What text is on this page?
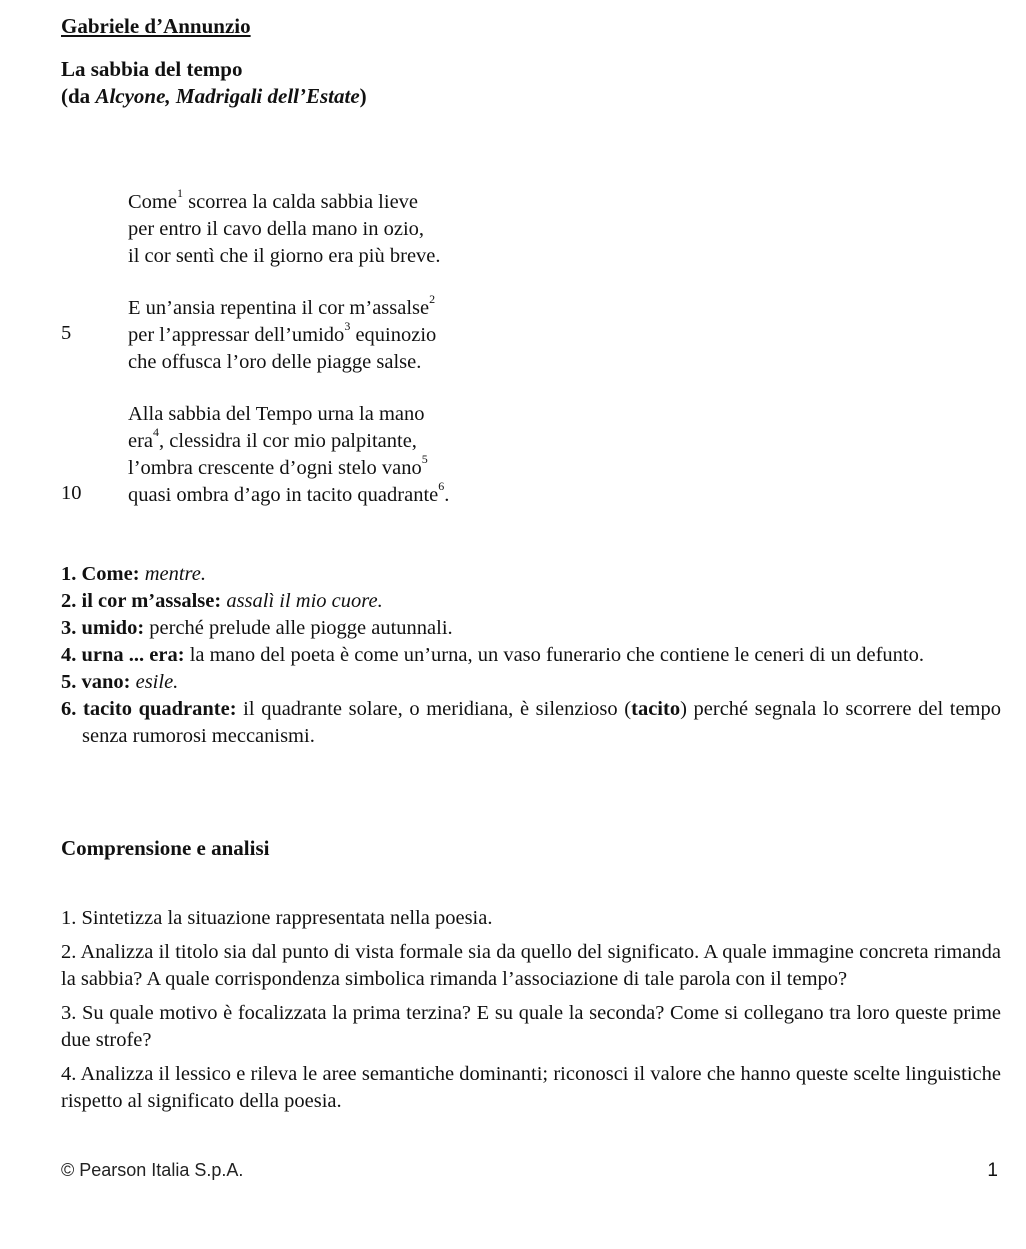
Gabriele d’Annunzio
La sabbia del tempo
(da Alcyone, Madrigali dell’Estate)
Come$^1$ scorrea la calda sabbia lieve
per entro il cavo della mano in ozio,
il cor sentì che il giorno era più breve.
E un’ansia repentina il cor m’assalse$^2$
5	per l’appressar dell’umido$^3$ equinozio
che offusca l’oro delle piagge salse.
Alla sabbia del Tempo urna la mano
era$^4$, clessidra il cor mio palpitante,
l’ombra crescente d’ogni stelo vano$^5$
10 quasi ombra d’ago in tacito quadrante$^6$.

1. Come: mentre.

2. il cor m’assalse: assalì il mio cuore.

3. umido: perché prelude alle piogge autunnali.

4. urna ... era: la mano del poeta è come un’urna, un vaso funerario che contiene le ceneri di un defunto.

5. vano: esile.

6. tacito quadrante: il quadrante solare, o meridiana, è silenzioso (tacito) perché segnala lo scorrere del tempo senza rumorosi meccanismi.

Comprensione e analisi

1. Sintetizza la situazione rappresentata nella poesia.

2. Analizza il titolo sia dal punto di vista formale sia da quello del significato. A quale immagine concreta rimanda la sabbia? A quale corrispondenza simbolica rimanda l’associazione di tale parola con il tempo?

3. Su quale motivo è focalizzata la prima terzina? E su quale la seconda? Come si collegano tra loro queste prime due strofe?

4. Analizza il lessico e rileva le aree semantiche dominanti; riconosci il valore che hanno queste scelte linguistiche rispetto al significato della poesia.

© Pearson Italia S.p.A.	1
